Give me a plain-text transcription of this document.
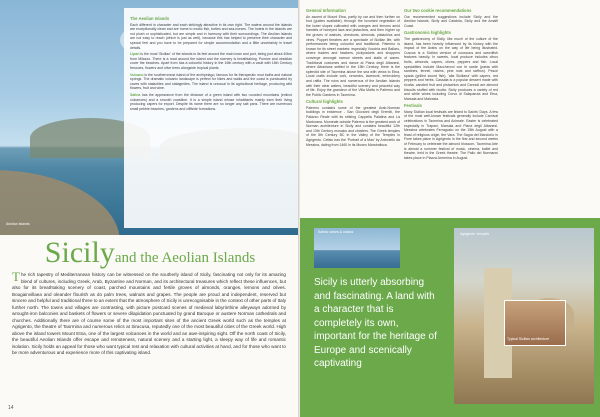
Aeolian Islands
The Aeolian Islands

Each different in character and each strikingly attractive in its own right. The waters around the islands are exceptionally clean and are home to exotic fish, turtles and sea-horses. The hotels in the islands are not plush or sophisticated, but are simple and in harmony with their surroundings. The Aeolian Islands are not easy to reach (which is just as well), because this has helped to preserve their character and special feel and you have to be prepared for simple accommodation and a little uncertainty in travel details.

Lipari is the most 'Sicilian' of the islands in its feel around the main town and port, being just about 40km from Milazzo. There is a road around the island and the scenery is breathtaking. Pumice and obsidian cover the beaches. Apart from has a colourful history in the 16th century with a vault with 16th Century frescoes, flowers and olive trees alongside tropical plants.

Vulcano is the southernmost island of the archipelago, famous for its therapeutic mud baths and natural springs. The dramatic volcanic landscape is perfect for hikes and walks and the coast is punctuated by caves with stalactites and stalagmites. The island is unusual in its agricultural heritage, producing wild flowers, fruit and wine.

Salina has the appearance from the distance of a green island with two rounded mountains (extinct volcanoes) and a smooth coastline. It is a simple island whose inhabitants mainly earn their living producing capers for export. Despite its name there are no longer any salt pans. There are numerous small pebble beaches, gardens and cliffside formations.

Sicilyand the Aeolian Islands
The rich tapestry of Mediterranean history can be witnessed on the southerly island of Sicily, fascinating not only for its amazing blend of cultures, including Greek, Arab, Byzantine and Norman, and its architectural treasures which reflect these influences, but also for its breathtaking scenery of coast, parched mountains and fertile groves of almonds, oranges, lemons and olives. Bougainvillaea and oleander flourish as do palm trees, walnuts and grapes. The people are proud and independent, reserved but sincere and helpful and traditional three to an extent that the atmosphere of Sicily is unrecognisable in the context of other parts of Italy further north. The towns and villages are contrasting, with picture postcard scenes of medieval labyrinthine alleyways adorned by wrought-iron balconies and baskets of flowers or severe dilapidation punctuated by grand Baroque or austere Norman cathedrals and churches. Additionally there are of course some of the most important sites of the ancient Greek world such as the temples at Agrigento, the theatre of Taormina and numerous relics at Siracusa, reputedly one of the most beautiful cities of the Greek world. High above the island towers Mount Etna, one of the largest volcanoes in the world and an awe-inspiring sight. Off the north coast of Sicily, the beautiful Aeolian Islands offer escape and remoteness, natural scenery and a starting light, a sleepy way of life and romantic isolation. Sicily holds an appeal for those who want typical rest and relaxation with cultural activities at hand, and for those who want to be more adventurous and experience more of this captivating island.
14
General Information

An ascent of Mount Etna, partly by car and then further on foot (guides available), through the luxuriant vegetation of the lower slopes cultivated with oranges and lemons amid hamlets of honeyed lava and pistachios, and then higher up the groves of walnuts, chestnuts, almonds, pistachios and vines. Puppet theatres are a spectacle of Sicilian life, with performances being colourful and traditional. Palermo is known for its street markets: especially Vucciria and Ballaro, where traders and hawkers, pickpockets and shoppers converge amongst narrow streets and stalls of wares. Traditional costumes and dance at Piana degli Albanesi, where Albanians settled in the 15th Century, there is the splendid site of Taormina above the sea with views to Etna. Local crafts include cork, ceramics, lacework, embroidery and raffia. The ruins and numerous of the Aeolian Islands with their clear waters, beautiful scenery and peaceful way of life. Enjoy the grandeur of the Villa Malfa in Palermo and the Public Gardens in Taormina.

Cultural highlights

Palermo contains some of the greatest Arab-Norman buildings in existence - San Giovanni degli Eremiti, the Palazzo Reale with its striking Cappella Palatina and La Martorana. Monreale outside Palermo is the greatest work of Norman architecture in Sicily and contains beautiful 12th and 13th Century mosaics and cloisters. The Greek temples of the 5th Century BC in the Valley of the Temples in Agrigento. Cefalu has the 'Portrait of a Man' by Antonello da Messina, dating from 1460 in its Museo Mandralisca.

Our two cookie recommendations

Our recommended suggestions include Sicily and the Aeolian Islands, Sicily and Calabria, Sicily and the Amalfi Coast.

Gastronomic highlights

The gastronomy of Sicily, like much of the culture of the island, has been heavily influenced by its history with the impact of the Arabs on the way of life being illustrated. Cuscus is a Sicilian version of couscous and swordfish features heavily. In sweets, local produce includes citrus fruits, almonds, capers, olives, peppers and fish. Local specialities include Maccheroni con le sarde (pasta with sardines, fennel, raisins, pine nuts and saffron). Pesce spada (grilled sword fish), 'alla Siciliana' with capers, red peppers and herbs. Cassata is a popular dessert made with ricotta, candied fruit and pistachios and Cannoli are almond biscuits stuffed with ricotta. Sicily produces a variety of red and white wines including Corvo di Salaparuta and Etna, Marsala and Malvasia.

Festivals

Many Sicilian local festivals are linked to Saints' Days. A few of the most well-known festivals generally include Carnival celebrations in Taormina and Acireale. Easter is celebrated especially in Trapani, Marsala and Piana degli Albanesi. Messina celebrates Ferragosto on the 15th August with a feast of religious origin, the Vara. The Sagra del Mandorlo in Fiore takes place in Agrigento in the first and second weeks of February to celebrate the almond blossom. Taormina Arte is almost a summer festival of music, cinema, ballet and theatre, held in the Greek theatre. The Palio dei Normanni takes place in Piazza Armerina in August.

Salina: caves & cactus
Sicily is utterly absorbing and fascinating. A land with a character that is completely its own, important for the heritage of Europe and scenically captivating
Agrigento: temples
Typical Sicilian architecture
